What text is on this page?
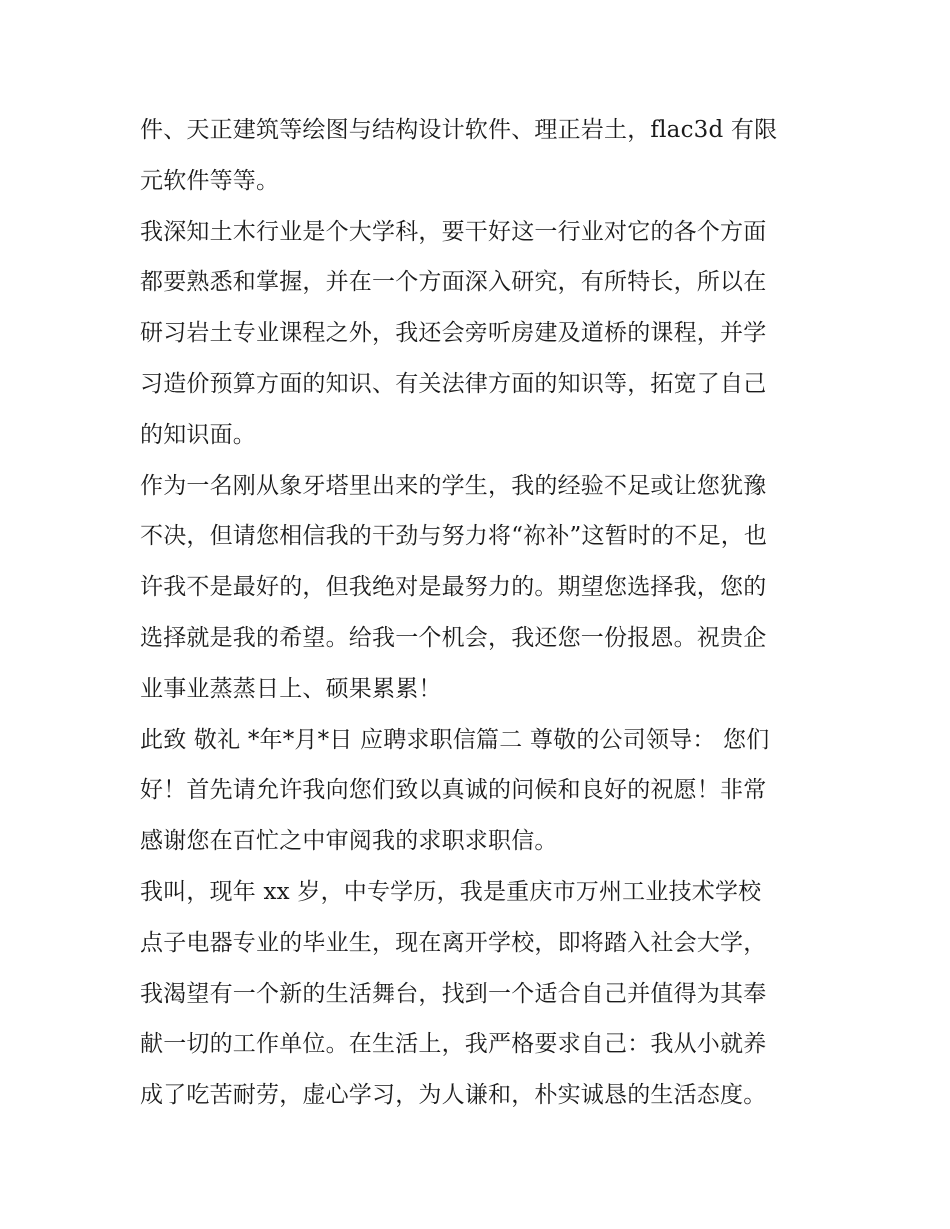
件、天正建筑等绘图与结构设计软件、理正岩土，flac3d 有限
元软件等等。
我深知土木行业是个大学科，要干好这一行业对它的各个方面
都要熟悉和掌握，并在一个方面深入研究，有所特长，所以在
研习岩土专业课程之外，我还会旁听房建及道桥的课程，并学
习造价预算方面的知识、有关法律方面的知识等，拓宽了自己
的知识面。
作为一名刚从象牙塔里出来的学生，我的经验不足或让您犹豫
不决，但请您相信我的干劲与努力将“祢补”这暂时的不足，也
许我不是最好的，但我绝对是最努力的。期望您选择我，您的
选择就是我的希望。给我一个机会，我还您一份报恩。祝贵企
业事业蒸蒸日上、硕果累累！
此致 敬礼 *年*月*日 应聘求职信篇二 尊敬的公司领导： 您们
好！首先请允许我向您们致以真诚的问候和良好的祝愿！非常
感谢您在百忙之中审阅我的求职求职信。
我叫，现年 xx 岁，中专学历，我是重庆市万州工业技术学校
点子电器专业的毕业生，现在离开学校，即将踏入社会大学，
我渴望有一个新的生活舞台，找到一个适合自己并值得为其奉
献一切的工作单位。在生活上，我严格要求自己：我从小就养
成了吃苦耐劳，虚心学习，为人谦和，朴实诚恳的生活态度。
